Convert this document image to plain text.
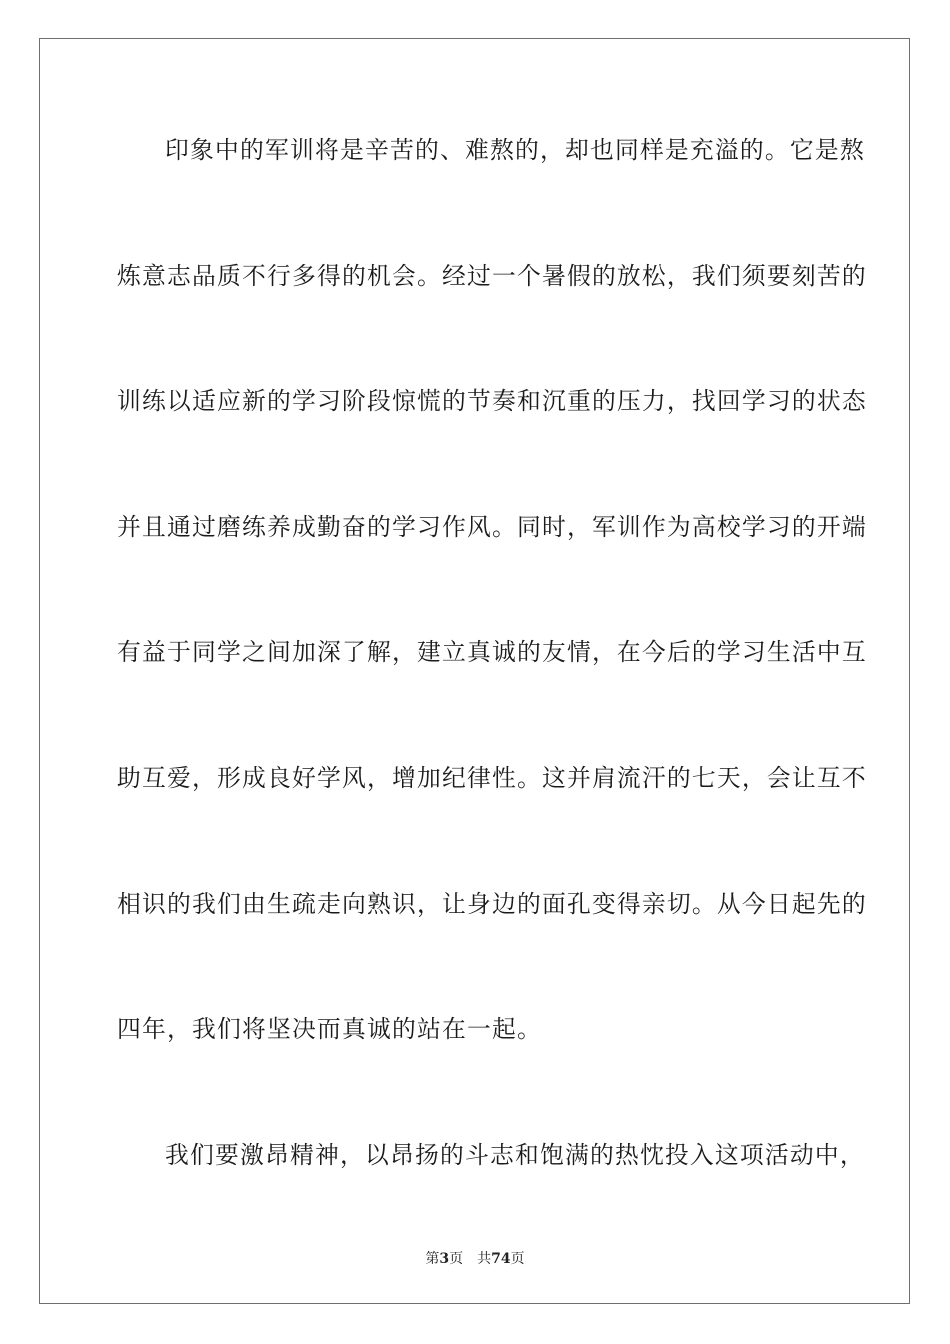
印象中的军训将是辛苦的、难熬的，却也同样是充溢的。它是熬
炼意志品质不行多得的机会。经过一个暑假的放松，我们须要刻苦的
训练以适应新的学习阶段惊慌的节奏和沉重的压力，找回学习的状态
并且通过磨练养成勤奋的学习作风。同时，军训作为高校学习的开端
有益于同学之间加深了解，建立真诚的友情，在今后的学习生活中互
助互爱，形成良好学风，增加纪律性。这并肩流汗的七天，会让互不
相识的我们由生疏走向熟识，让身边的面孔变得亲切。从今日起先的
四年，我们将坚决而真诚的站在一起。
我们要激昂精神，以昂扬的斗志和饱满的热忱投入这项活动中，
第3页 共74页
